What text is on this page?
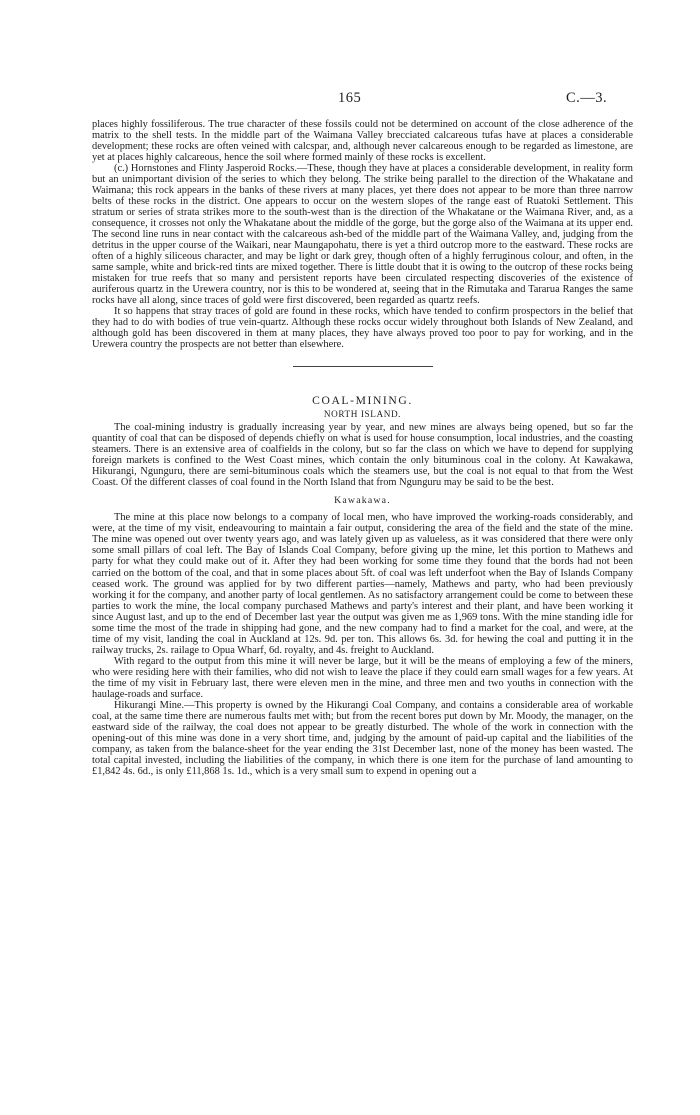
165	C.—3.

places highly fossiliferous. The true character of these fossils could not be determined on account of the close adherence of the matrix to the shell tests. In the middle part of the Waimana Valley brecciated calcareous tufas have at places a considerable development; these rocks are often veined with calcspar, and, although never calcareous enough to be regarded as limestone, are yet at places highly calcareous, hence the soil where formed mainly of these rocks is excellent.

(c.) Hornstones and Flinty Jasperoid Rocks.—These, though they have at places a considerable development, in reality form but an unimportant division of the series to which they belong. The strike being parallel to the direction of the Whakatane and Waimana; this rock appears in the banks of these rivers at many places, yet there does not appear to be more than three narrow belts of these rocks in the district. One appears to occur on the western slopes of the range east of Ruatoki Settlement. This stratum or series of strata strikes more to the south-west than is the direction of the Whakatane or the Waimana River, and, as a consequence, it crosses not only the Whakatane about the middle of the gorge, but the gorge also of the Waimana at its upper end. The second line runs in near contact with the calcareous ash-bed of the middle part of the Waimana Valley, and, judging from the detritus in the upper course of the Waikari, near Maungapohatu, there is yet a third outcrop more to the eastward. These rocks are often of a highly siliceous character, and may be light or dark grey, though often of a highly ferruginous colour, and often, in the same sample, white and brick-red tints are mixed together. There is little doubt that it is owing to the outcrop of these rocks being mistaken for true reefs that so many and persistent reports have been circulated respecting discoveries of the existence of auriferous quartz in the Urewera country, nor is this to be wondered at, seeing that in the Rimutaka and Tararua Ranges the same rocks have all along, since traces of gold were first discovered, been regarded as quartz reefs.

It so happens that stray traces of gold are found in these rocks, which have tended to confirm prospectors in the belief that they had to do with bodies of true vein-quartz. Although these rocks occur widely throughout both Islands of New Zealand, and although gold has been discovered in them at many places, they have always proved too poor to pay for working, and in the Urewera country the prospects are not better than elsewhere.

COAL-MINING.
NORTH ISLAND.

The coal-mining industry is gradually increasing year by year, and new mines are always being opened, but so far the quantity of coal that can be disposed of depends chiefly on what is used for house consumption, local industries, and the coasting steamers. There is an extensive area of coalfields in the colony, but so far the class on which we have to depend for supplying foreign markets is confined to the West Coast mines, which contain the only bituminous coal in the colony. At Kawakawa, Hikurangi, Ngunguru, there are semi-bituminous coals which the steamers use, but the coal is not equal to that from the West Coast. Of the different classes of coal found in the North Island that from Ngunguru may be said to be the best.

Kawakawa.

The mine at this place now belongs to a company of local men, who have improved the working-roads considerably, and were, at the time of my visit, endeavouring to maintain a fair output, considering the area of the field and the state of the mine. The mine was opened out over twenty years ago, and was lately given up as valueless, as it was considered that there were only some small pillars of coal left. The Bay of Islands Coal Company, before giving up the mine, let this portion to Mathews and party for what they could make out of it. After they had been working for some time they found that the bords had not been carried on the bottom of the coal, and that in some places about 5ft. of coal was left underfoot when the Bay of Islands Company ceased work. The ground was applied for by two different parties—namely, Mathews and party, who had been previously working it for the company, and another party of local gentlemen. As no satisfactory arrangement could be come to between these parties to work the mine, the local company purchased Mathews and party's interest and their plant, and have been working it since August last, and up to the end of December last year the output was given me as 1,969 tons. With the mine standing idle for some time the most of the trade in shipping had gone, and the new company had to find a market for the coal, and were, at the time of my visit, landing the coal in Auckland at 12s. 9d. per ton. This allows 6s. 3d. for hewing the coal and putting it in the railway trucks, 2s. railage to Opua Wharf, 6d. royalty, and 4s. freight to Auckland.

With regard to the output from this mine it will never be large, but it will be the means of employing a few of the miners, who were residing here with their families, who did not wish to leave the place if they could earn small wages for a few years. At the time of my visit in February last, there were eleven men in the mine, and three men and two youths in connection with the haulage-roads and surface.

Hikurangi Mine.—This property is owned by the Hikurangi Coal Company, and contains a considerable area of workable coal, at the same time there are numerous faults met with; but from the recent bores put down by Mr. Moody, the manager, on the eastward side of the railway, the coal does not appear to be greatly disturbed. The whole of the work in connection with the opening-out of this mine was done in a very short time, and, judging by the amount of paid-up capital and the liabilities of the company, as taken from the balance-sheet for the year ending the 31st December last, none of the money has been wasted. The total capital invested, including the liabilities of the company, in which there is one item for the purchase of land amounting to £1,842 4s. 6d., is only £11,868 1s. 1d., which is a very small sum to expend in opening out a
